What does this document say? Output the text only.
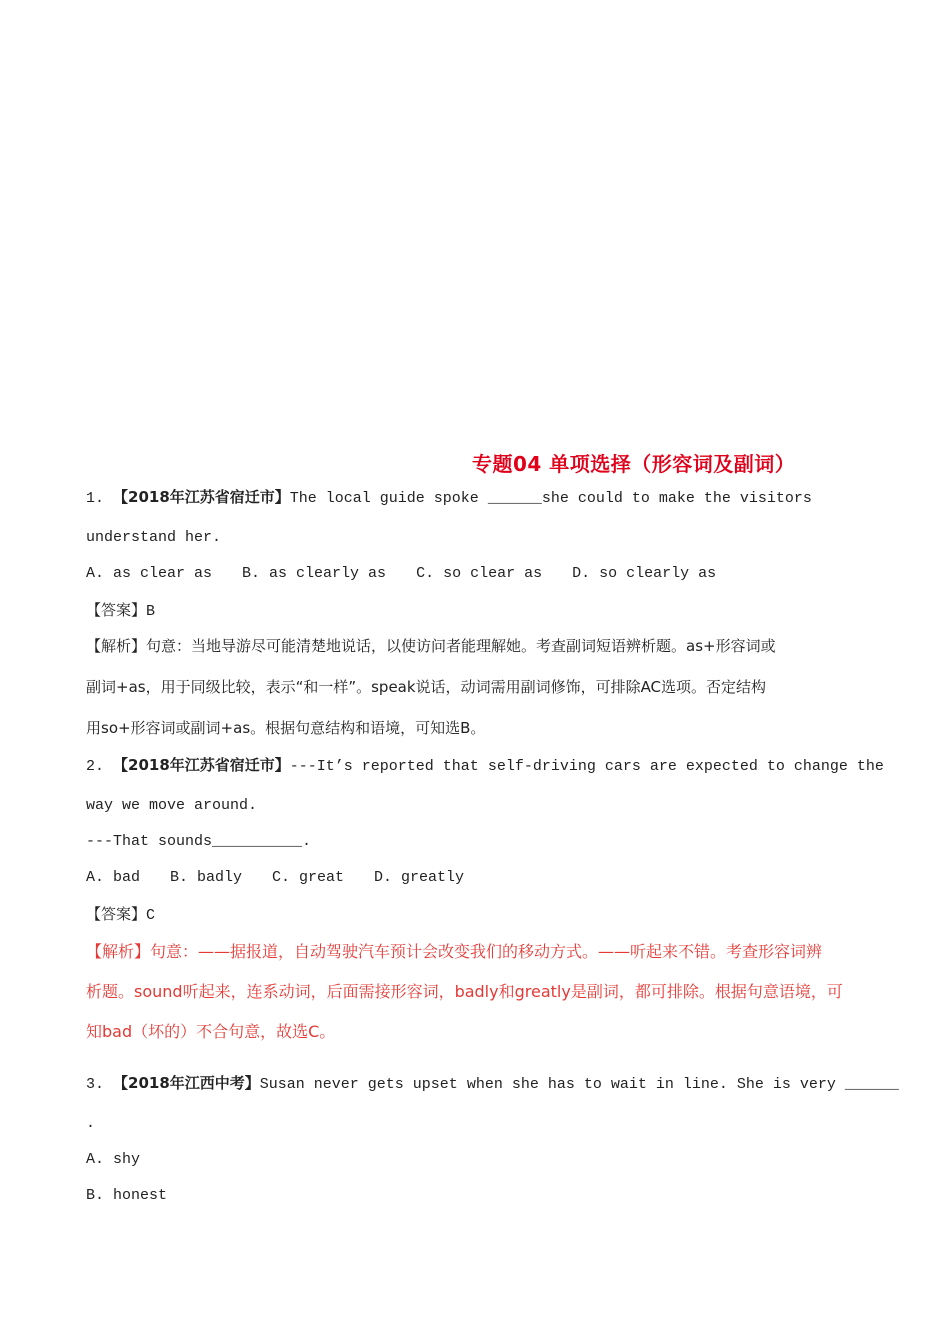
专题04 单项选择（形容词及副词）
1. 【2018年江苏省宿迁市】The local guide spoke ______she could to make the visitors
understand her.
A. as clear as B. as clearly as C. so clear as D. so clearly as
【答案】B
【解析】句意：当地导游尽可能清楚地说话，以使访问者能理解她。考查副词短语辨析题。as+形容词或
副词+as，用于同级比较，表示“和一样”。speak说话，动词需用副词修饰，可排除AC选项。否定结构
用so+形容词或副词+as。根据句意结构和语境，可知选B。
2. 【2018年江苏省宿迁市】---It’s reported that self-driving cars are expected to change the
way we move around.
---That sounds__________.
A. bad B. badly C. great D. greatly
【答案】C
【解析】句意：——据报道，自动驾驶汽车预计会改变我们的移动方式。——听起来不错。考查形容词辨
析题。sound听起来，连系动词，后面需接形容词，badly和greatly是副词，都可排除。根据句意语境，可
知bad（坏的）不合句意，故选C。
3. 【2018年江西中考】Susan never gets upset when she has to wait in line. She is very ______
.
A. shy
B. honest
